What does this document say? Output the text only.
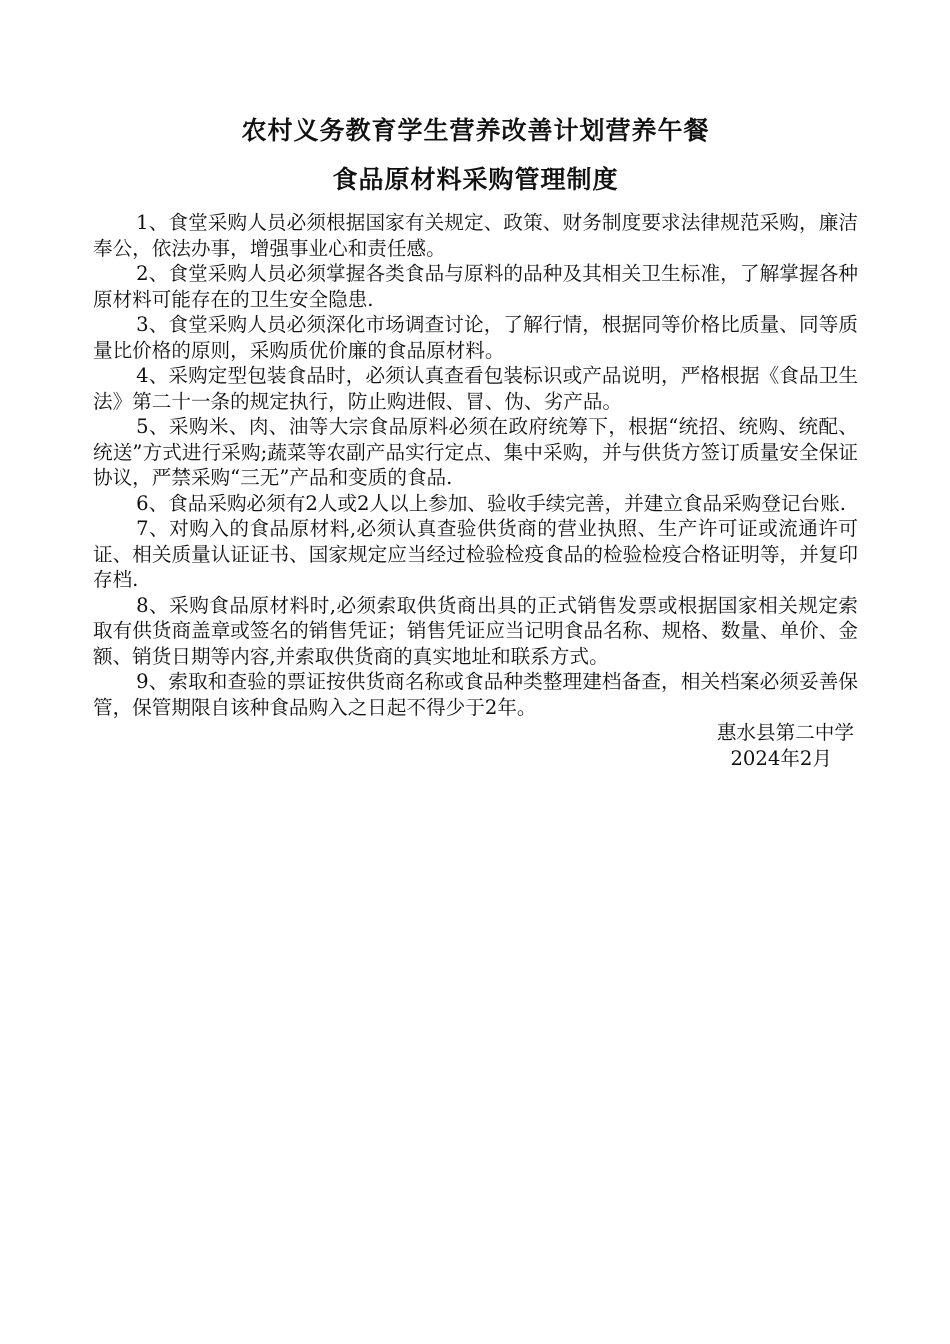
农村义务教育学生营养改善计划营养午餐
食品原材料采购管理制度

1、食堂采购人员必须根据国家有关规定、政策、财务制度要求法律规范采购，廉洁奉公，依法办事，增强事业心和责任感。

2、食堂采购人员必须掌握各类食品与原料的品种及其相关卫生标准，了解掌握各种原材料可能存在的卫生安全隐患.

3、食堂采购人员必须深化市场调查讨论，了解行情，根据同等价格比质量、同等质量比价格的原则，采购质优价廉的食品原材料。

4、采购定型包装食品时，必须认真查看包装标识或产品说明，严格根据《食品卫生法》第二十一条的规定执行，防止购进假、冒、伪、劣产品。

5、采购米、肉、油等大宗食品原料必须在政府统筹下，根据“统招、统购、统配、统送”方式进行采购;蔬菜等农副产品实行定点、集中采购，并与供货方签订质量安全保证协议，严禁采购“三无”产品和变质的食品.

6、食品采购必须有2人或2人以上参加、验收手续完善，并建立食品采购登记台账.

7、对购入的食品原材料,必须认真查验供货商的营业执照、生产许可证或流通许可证、相关质量认证证书、国家规定应当经过检验检疫食品的检验检疫合格证明等，并复印存档.

8、采购食品原材料时,必须索取供货商出具的正式销售发票或根据国家相关规定索取有供货商盖章或签名的销售凭证；销售凭证应当记明食品名称、规格、数量、单价、金额、销货日期等内容,并索取供货商的真实地址和联系方式。

9、索取和查验的票证按供货商名称或食品种类整理建档备查，相关档案必须妥善保管，保管期限自该种食品购入之日起不得少于2年。

惠水县第二中学

2024年2月
